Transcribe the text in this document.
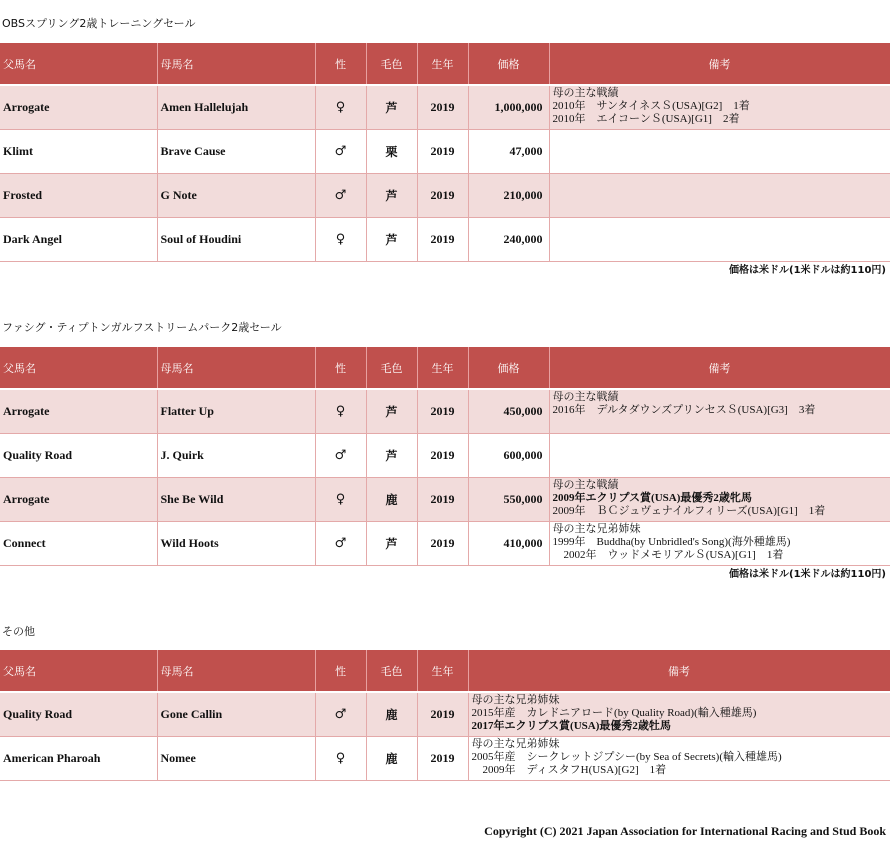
OBSスプリング2歳トレーニングセール
父馬名	母馬名	性	毛色	生年	価格	備考
Arrogate	Amen Hallelujah	♀	芦	2019	1,000,000	母の主な戦績
2010年　サンタイネスＳ(USA)[G2]　1着
2010年　エイコーンＳ(USA)[G1]　2着

Klimt	Brave Cause	♂	栗	2019	47,000	
Frosted	G Note	♂	芦	2019	210,000	
Dark Angel	Soul of Houdini	♀	芦	2019	240,000	
価格は米ドル(1米ドルは約110円)
ファシグ・ティプトンガルフストリームパーク2歳セール
父馬名	母馬名	性	毛色	生年	価格	備考
Arrogate	Flatter Up	♀	芦	2019	450,000	母の主な戦績
2016年　デルタダウンズプリンセスＳ(USA)[G3]　3着

Quality Road	J. Quirk	♂	芦	2019	600,000	
Arrogate	She Be Wild	♀	鹿	2019	550,000	母の主な戦績
2009年エクリプス賞(USA)最優秀2歳牝馬
2009年　ＢＣジュヴェナイルフィリーズ(USA)[G1]　1着

Connect	Wild Hoots	♂	芦	2019	410,000	母の主な兄弟姉妹
1999年　Buddha(by Unbridled's Song)(海外種雄馬)
　2002年　ウッドメモリアルＳ(USA)[G1]　1着
価格は米ドル(1米ドルは約110円)
その他
父馬名	母馬名	性	毛色	生年	備考
Quality Road	Gone Callin	♂	鹿	2019	母の主な兄弟姉妹
2015年産　カレドニアロード(by Quality Road)(輸入種雄馬)
2017年エクリプス賞(USA)最優秀2歳牡馬

American Pharoah	Nomee	♀	鹿	2019	母の主な兄弟姉妹
2005年産　シークレットジプシー(by Sea of Secrets)(輸入種雄馬)
　2009年　ディスタフH(USA)[G2]　1着
Copyright (C) 2021 Japan Association for International Racing and Stud Book
